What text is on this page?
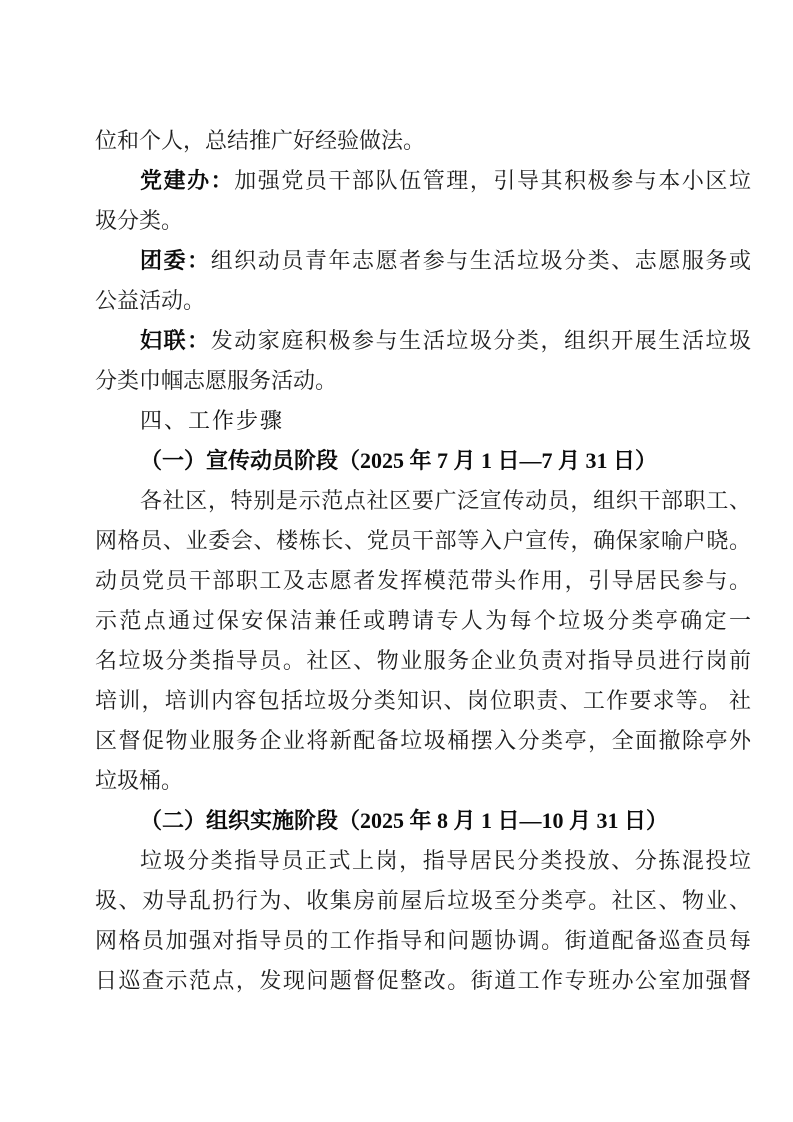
位和个人，总结推广好经验做法。
党建办：加强党员干部队伍管理，引导其积极参与本小区垃
圾分类。
团委：组织动员青年志愿者参与生活垃圾分类、志愿服务或
公益活动。
妇联：发动家庭积极参与生活垃圾分类，组织开展生活垃圾
分类巾帼志愿服务活动。
四、工作步骤
（一）宣传动员阶段（2025 年 7 月 1 日—7 月 31 日）
各社区，特别是示范点社区要广泛宣传动员，组织干部职工、
网格员、业委会、楼栋长、党员干部等入户宣传，确保家喻户晓。
动员党员干部职工及志愿者发挥模范带头作用，引导居民参与。
示范点通过保安保洁兼任或聘请专人为每个垃圾分类亭确定一
名垃圾分类指导员。社区、物业服务企业负责对指导员进行岗前
培训，培训内容包括垃圾分类知识、岗位职责、工作要求等。 社
区督促物业服务企业将新配备垃圾桶摆入分类亭，全面撤除亭外
垃圾桶。
（二）组织实施阶段（2025 年 8 月 1 日—10 月 31 日）
垃圾分类指导员正式上岗，指导居民分类投放、分拣混投垃
圾、劝导乱扔行为、收集房前屋后垃圾至分类亭。社区、物业、
网格员加强对指导员的工作指导和问题协调。街道配备巡查员每
日巡查示范点，发现问题督促整改。街道工作专班办公室加强督
